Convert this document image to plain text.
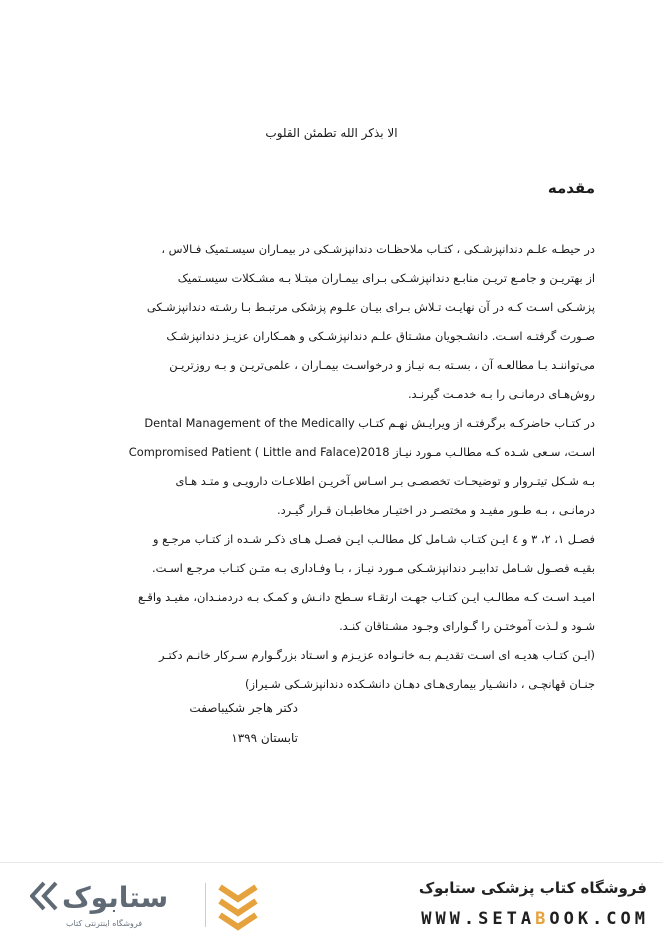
الا بذکر الله تطمئن القلوب
مقدمه
در حیطـه علـم دندانپزشـکی ، کتـاب ملاحظـات دندانپزشـکی در بیمـاران سیسـتمیک فـالاس ،
از بهتریـن و جامـع تریـن منابـع دندانپزشـکی بـرای بیمـاران مبتـلا بـه مشـکلات سیسـتمیک
پزشـکی اسـت کـه در آن نهایـت تـلاش بـرای بیـان علـوم پزشکی مرتبـط بـا رشـته دندانپزشـکی
صـورت گرفتـه اسـت. دانشـجویان مشـتاق علـم دندانپزشـکی و همـکاران عزیـز دندانپزشـک
می‌تواننـد بـا مطالعـه آن ، بسـته بـه نیـاز و درخواسـت بیمـاران ، علمی‌تریـن و بـه روزتریـن
روش‌هـای درمانـی را بـه خدمـت گیرنـد.
در کتـاب حاضرکـه برگرفتـه از ویرایـش نهـم کتـاب Dental Management of the Medically
Compromised Patient ( Little and Falace)2018 اسـت، سـعی شـده کـه مطالـب مـورد نیـاز
بـه شـکل تیتـروار و توضیحـات تخصصـی بـر اسـاس آخریـن اطلاعـات دارویـی و متـد هـای
درمانـی ، بـه طـور مفیـد و مختصـر در اختیـار مخاطبـان قـرار گیـرد.
فصـل ۱، ۲، ۳ و ٤ ایـن کتـاب شـامل کل مطالـب ایـن فصـل هـای ذکـر شـده از کتـاب مرجـع و
بقیـه فصـول شـامل تدابیـر دندانپزشـکی مـورد نیـاز ، بـا وفـاداری بـه متـن کتـاب مرجـع اسـت.
امیـد اسـت کـه مطالـب ایـن کتـاب جهـت ارتقـاء سـطح دانـش و کمـک بـه دردمنـدان، مفیـد واقـع
شـود و لـذت آموختـن را گـوارای وجـود مشـتاقان کنـد.
(ایـن کتـاب هدیـه ای اسـت تقدیـم بـه خانـواده عزیـزم و اسـتاد بزرگـوارم سـرکار خانـم دکتـر
جنـان قهانچـی ، دانشـیار بیماری‌هـای دهـان دانشـکده دندانپزشـکی شـیراز)
دکتر هاجر شکیباصفت
تابستان ۱۳۹۹
ستابوک
فروشگاه اینترنتی کتاب
فروشگاه کتاب پزشکی ستابوک
WWW.SETABOOK.COM
